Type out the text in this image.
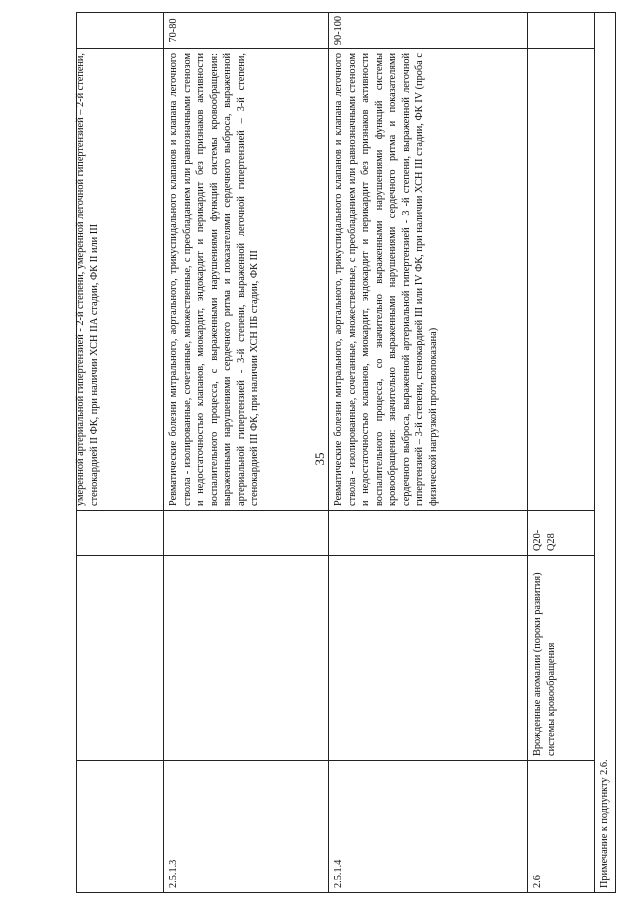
35

			умеренной артериальной гипертензией - 2-й степени, умеренной легочной гипертензией – 2-й степени, стенокардией II ФК, при наличии ХСН IIА стадии, ФК II или III	

2.5.1.3			Ревматические болезни митрального, аортального, трикуспидального клапанов и клапана легочного ствола - изолированные, сочетанные, множественные, с преобладанием или равнозначными стенозом и недостаточностью клапанов, миокардит, эндокардит и перикардит без признаков активности воспалительного процесса, с выраженными нарушениями функций системы кровообращения: выраженными нарушениями сердечного ритма и показателями сердечного выброса, выраженной артериальной гипертензией - 3-й степени, выраженной легочной гипертензией – 3-й степени, стенокардией III ФК, при наличии ХСН IIБ стадии, ФК III	70-80
2.5.1.4			Ревматические болезни митрального, аортального, трикуспидального клапанов и клапана легочного ствола - изолированные, сочетанные, множественные, с преобладанием или равнозначными стенозом и недостаточностью клапанов, миокардит, эндокардит и перикардит без признаков активности воспалительного процесса, со значительно выраженными нарушениями функций системы кровообращения: значительно выраженными нарушениями сердечного ритма и показателями сердечного выброса, выраженной артериальной гипертензией - 3 -й степени, выраженной легочной гипертензией – 3-й степени, стенокардией III или IV ФК, при наличии ХСН III стадии, ФК IV (проба с физической нагрузкой противопоказана)	90-100
2.6	Врожденные аномалии (пороки развития) системы кровообращения	Q20-Q28		
Примечание к подпункту 2.6.				
